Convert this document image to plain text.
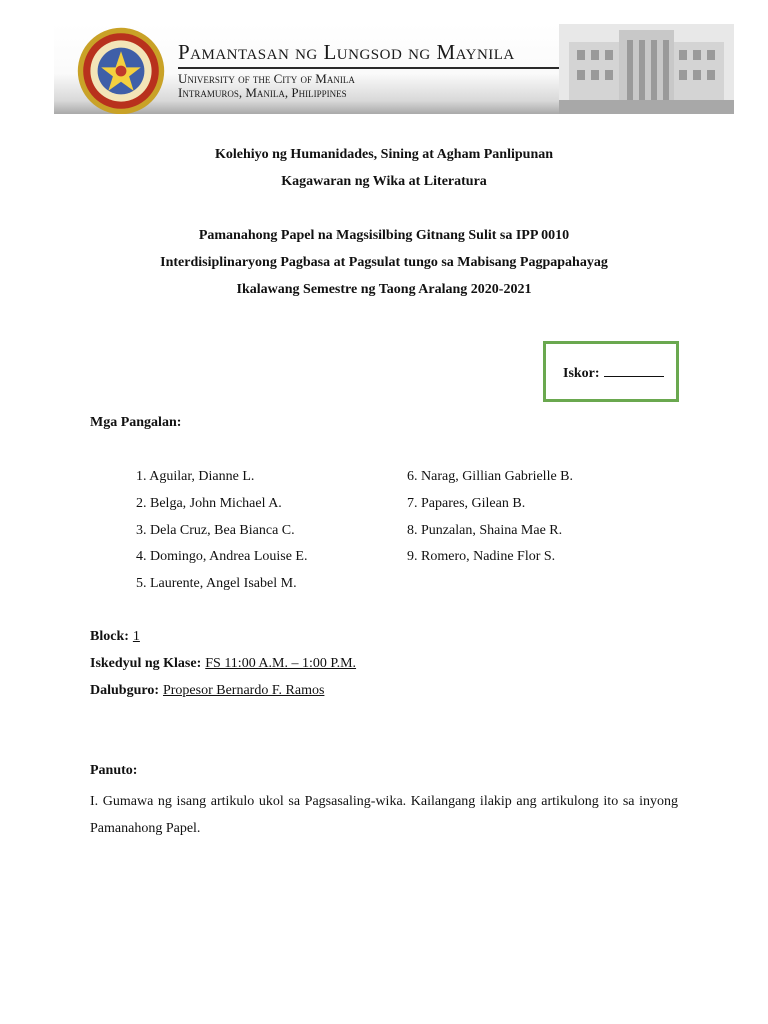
Pamantasan ng Lungsod ng Maynila
University of the City of Manila
Intramuros, Manila, Philippines
Kolehiyo ng Humanidades, Sining at Agham Panlipunan
Kagawaran ng Wika at Literatura
Pamanahong Papel na Magsisilbing Gitnang Sulit sa IPP 0010
Interdisiplinaryong Pagbasa at Pagsulat tungo sa Mabisang Pagpapahayag
Ikalawang Semestre ng Taong Aralang 2020-2021
Iskor:
Mga Pangalan:
1. Aguilar, Dianne L.
2. Belga, John Michael A.
3. Dela Cruz, Bea Bianca C.
4. Domingo, Andrea Louise E.
5. Laurente, Angel Isabel M.
6. Narag, Gillian Gabrielle B.
7. Papares, Gilean B.
8. Punzalan, Shaina Mae R.
9. Romero, Nadine Flor S.
Block: 1
Iskedyul ng Klase: FS 11:00 A.M. – 1:00 P.M.
Dalubguro: Propesor Bernardo F. Ramos
Panuto:
I. Gumawa ng isang artikulo ukol sa Pagsasaling-wika. Kailangang ilakip ang artikulong ito sa inyong Pamanahong Papel.
